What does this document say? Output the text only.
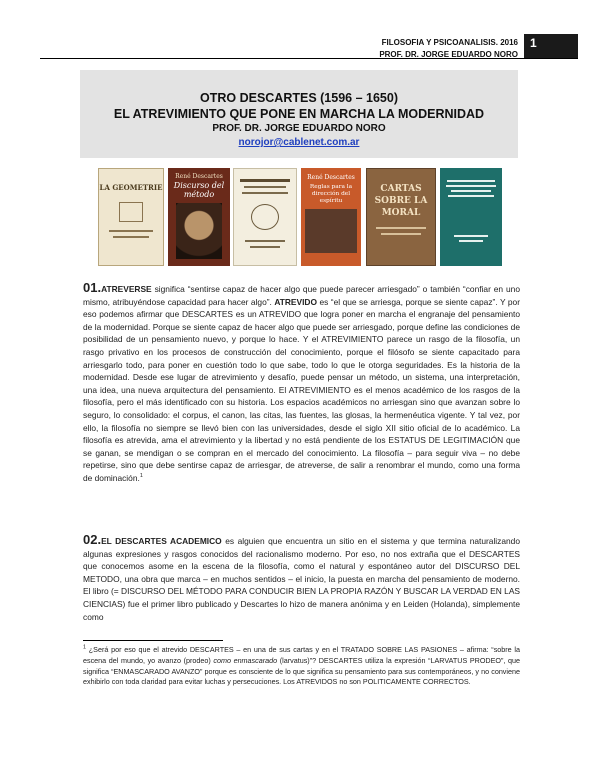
FILOSOFIA Y PSICOANALISIS. 2016
PROF. DR. JORGE EDUARDO NORO
1
OTRO DESCARTES (1596 – 1650)
EL ATREVIMIENTO QUE PONE EN MARCHA LA MODERNIDAD
PROF. DR. JORGE EDUARDO NORO
norojor@cablenet.com.ar
LA GEOMETRIE
René Descartes
Discurso del método
René Descartes
Reglas para la dirección del espíritu
CARTAS SOBRE LA MORAL

01.ATREVERSE significa “sentirse capaz de hacer algo que puede parecer arriesgado” o también “confiar en uno mismo, atribuyéndose capacidad para hacer algo”. ATREVIDO es “el que se arriesga, porque se siente capaz”. Y por eso podemos afirmar que DESCARTES es un ATREVIDO que logra poner en marcha el engranaje del pensamiento de la modernidad. Porque se siente capaz de hacer algo que puede ser arriesgado, porque define las condiciones de posibilidad de un pensamiento nuevo, y porque lo hace. Y el ATREVIMIENTO parece un rasgo de la filosofía, un rasgo privativo en los procesos de construcción del conocimiento, porque el filósofo se siente capacitado para arriesgarlo todo, para poner en cuestión todo lo que sabe, todo lo que le otorga seguridades. Es la historia de la modernidad. Desde ese lugar de atrevimiento y desafío, puede pensar un método, un sistema, una interpretación, una idea, una nueva arquitectura del pensamiento. El ATREVIMIENTO es el menos académico de los rasgos de la filosofía, pero el más identificado con su historia. Los espacios académicos no arriesgan sino que avanzan sobre lo seguro, lo consolidado: el corpus, el canon, las citas, las fuentes, las glosas, la hermenéutica vigente. Y tal vez, por ello, la filosofía no siempre se llevó bien con las universidades, desde el siglo XII sitio oficial de lo académico. La filosofía es atrevida, ama el atrevimiento y la libertad y no está pendiente de los ESTATUS DE LEGITIMACIÓN que se ganan, se mendigan o se compran en el mercado del conocimiento. La filosofía – para seguir viva – no debe repetirse, sino que debe sentirse capaz de arriesgar, de atreverse, de salir a renombrar el mundo, como una forma de dominación.$^1$

02.EL DESCARTES ACADEMICO es alguien que encuentra un sitio en el sistema y que termina naturalizando algunas expresiones y rasgos conocidos del racionalismo moderno. Por eso, no nos extraña que el DESCARTES que conocemos asome en la escena de la filosofía, como el natural y espontáneo autor del DISCURSO DEL METODO, una obra que marca – en muchos sentidos – el inicio, la puesta en marcha del pensamiento de moderno. El libro (= DISCURSO DEL MÉTODO PARA CONDUCIR BIEN LA PROPIA RAZÓN Y BUSCAR LA VERDAD EN LAS CIENCIAS) fue el primer libro publicado y Descartes lo hizo de manera anónima y en Leiden (Holanda), simplemente como

$^1$ ¿Será por eso que el atrevido DESCARTES – en una de sus cartas y en el TRATADO SOBRE LAS PASIONES – afirma: “sobre la escena del mundo, yo avanzo (prodeo) como enmascarado (larvatus)”? DESCARTES utiliza la expresión “LARVATUS PRODEO”, que significa “ENMASCARADO AVANZO” porque es consciente de lo que significa su pensamiento para sus contemporáneos, y no conviene exhibirlo con toda claridad para evitar luchas y persecuciones. Los ATREVIDOS no son POLITICAMENTE CORRECTOS.
